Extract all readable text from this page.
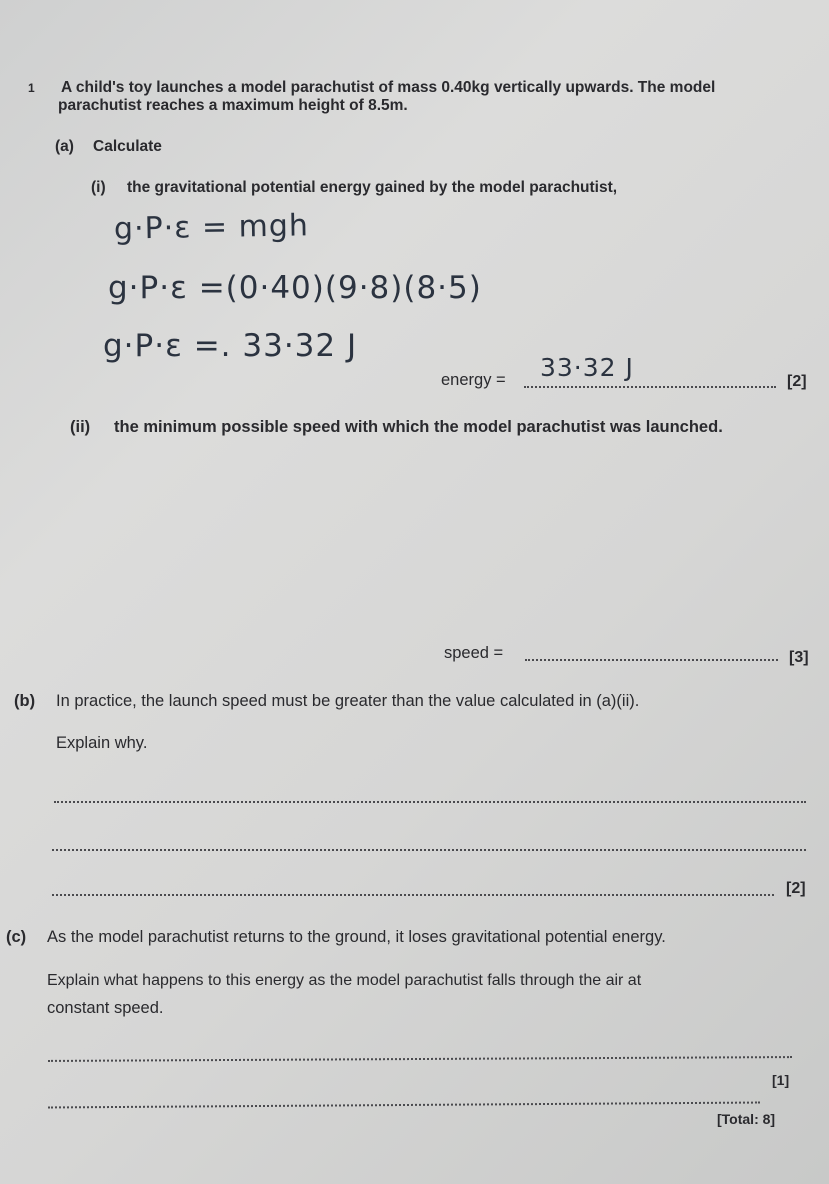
1 A child's toy launches a model parachutist of mass 0.40kg vertically upwards. The model
parachutist reaches a maximum height of 8.5m.
(a) Calculate
(i) the gravitational potential energy gained by the model parachutist,
g·P·ε = mgh
g·P·ε =(0·40)(9·8)(8·5)
g·P·ε =. 33·32 J
energy = 33·32 J	[2]
(ii) the minimum possible speed with which the model parachutist was launched.
speed =	[3]
(b) In practice, the launch speed must be greater than the value calculated in (a)(ii).
Explain why.
[2]
(c) As the model parachutist returns to the ground, it loses gravitational potential energy.
Explain what happens to this energy as the model parachutist falls through the air at
constant speed.
[1]
[Total: 8]
